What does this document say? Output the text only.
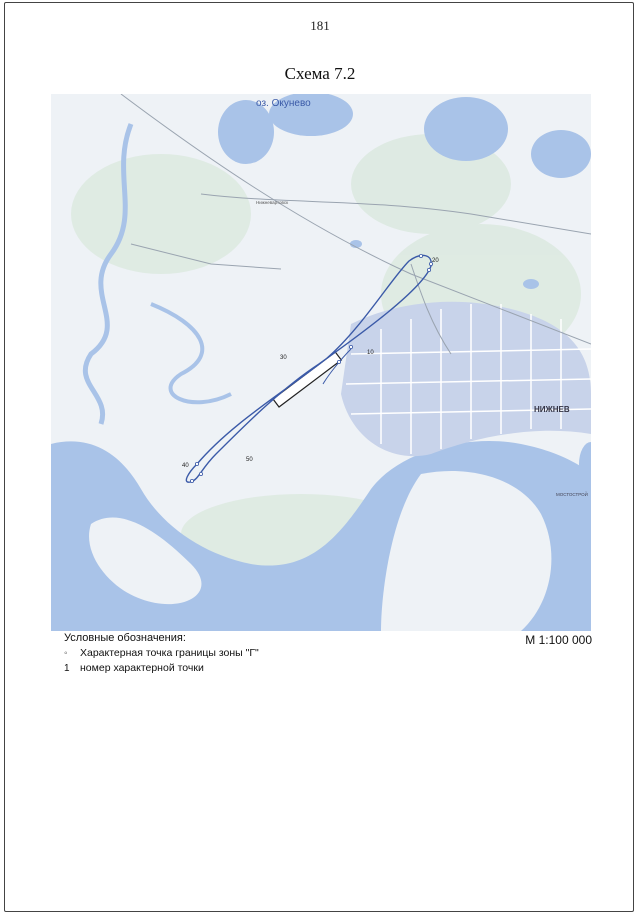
181
Схема 7.2
20
10
30
40
50
оз. Окунево
Нижневартовск
НИЖНЕВ
МОСТОСТРОЙ
Условные обозначения:
◦	Характерная точка границы зоны "Г"
1 номер характерной точки
М 1:100 000
